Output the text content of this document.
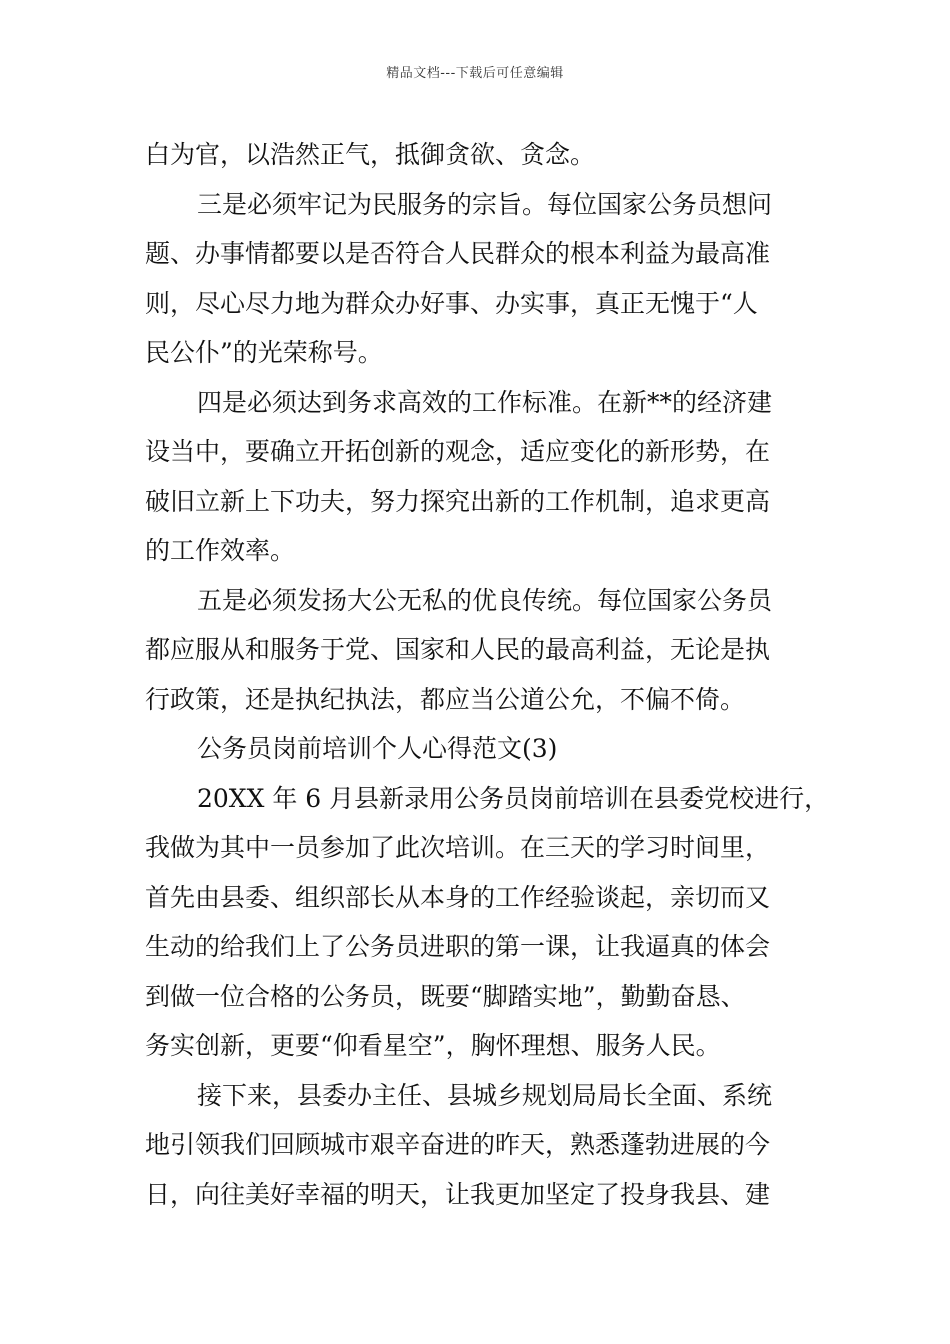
精品文档---下载后可任意编辑
白为官，以浩然正气，抵御贪欲、贪念。
三是必须牢记为民服务的宗旨。每位国家公务员想问
题、办事情都要以是否符合人民群众的根本利益为最高准
则，尽心尽力地为群众办好事、办实事，真正无愧于“人
民公仆”的光荣称号。
四是必须达到务求高效的工作标准。在新**的经济建
设当中，要确立开拓创新的观念，适应变化的新形势，在
破旧立新上下功夫，努力探究出新的工作机制，追求更高
的工作效率。
五是必须发扬大公无私的优良传统。每位国家公务员
都应服从和服务于党、国家和人民的最高利益，无论是执
行政策，还是执纪执法，都应当公道公允，不偏不倚。
公务员岗前培训个人心得范文(3)
20XX 年 6 月县新录用公务员岗前培训在县委党校进行，
我做为其中一员参加了此次培训。在三天的学习时间里，
首先由县委、组织部长从本身的工作经验谈起，亲切而又
生动的给我们上了公务员进职的第一课，让我逼真的体会
到做一位合格的公务员，既要“脚踏实地”，勤勤奋恳、
务实创新，更要“仰看星空”，胸怀理想、服务人民。
接下来，县委办主任、县城乡规划局局长全面、系统
地引领我们回顾城市艰辛奋进的昨天，熟悉蓬勃进展的今
日，向往美好幸福的明天，让我更加坚定了投身我县、建
